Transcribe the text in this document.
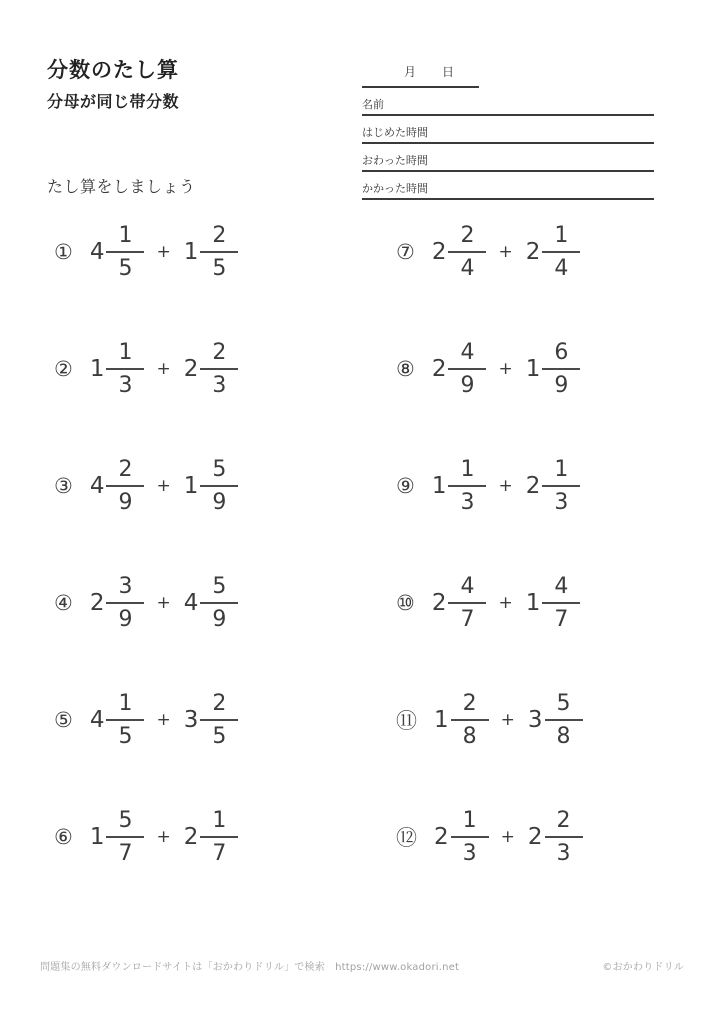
分数のたし算
分母が同じ帯分数
たし算をしましょう
月 日
名前
はじめた時間
おわった時間
かかった時間
① $4 \frac{1}{5} + 1 \frac{2}{5}$
② $1 \frac{1}{3} + 2 \frac{2}{3}$
③ $4 \frac{2}{9} + 1 \frac{5}{9}$
④ $2 \frac{3}{9} + 4 \frac{5}{9}$
⑤ $4 \frac{1}{5} + 3 \frac{2}{5}$
⑥ $1 \frac{5}{7} + 2 \frac{1}{7}$
⑦ $2 \frac{2}{4} + 2 \frac{1}{4}$
⑧ $2 \frac{4}{9} + 1 \frac{6}{9}$
⑨ $1 \frac{1}{3} + 2 \frac{1}{3}$
⑩ $2 \frac{4}{7} + 1 \frac{4}{7}$
⑪ $1 \frac{2}{8} + 3 \frac{5}{8}$
⑫ $2 \frac{1}{3} + 2 \frac{2}{3}$
問題集の無料ダウンロードサイトは「おかわりドリル」で検索　https://www.okadori.net	©おかわりドリル
